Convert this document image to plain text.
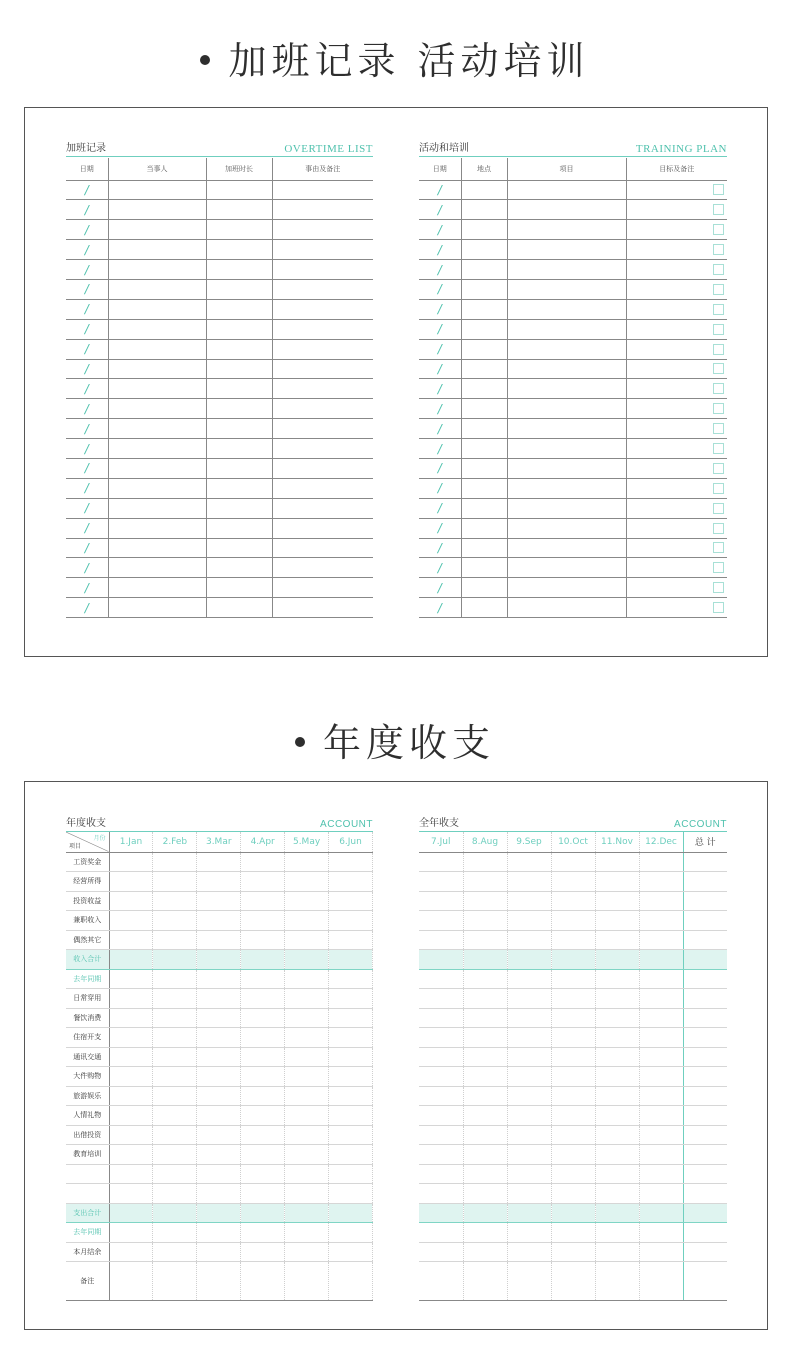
加班记录 活动培训
加班记录	OVERTIME LIST
日期	当事人	加班时长	事由及备注
/			
/			
/			
/			
/			
/			
/			
/			
/			
/			
/			
/			
/			
/			
/			
/			
/			
/			
/			
/			
/			
/			
活动和培训	TRAINING PLAN
日期	地点	项目	目标及备注
/			

/			

/			

/			

/			

/			

/			

/			

/			

/			

/			

/			

/			

/			

/			

/			

/			

/			

/			

/			

/			

/			
年度收支
年度收支	ACCOUNT
月份
项目	1.Jan	2.Feb	3.Mar	4.Apr	5.May	6.Jun
工资奖金						
经营所得						
投资收益						
兼职收入						
偶然其它						
收入合计						
去年同期						
日常穿用						
餐饮消费						
住宿开支						
通讯交通						
大件购物						
旅游娱乐						
人情礼物						
出借投资						
教育培训						

支出合计						
去年同期						
本月结余						
备注						
全年收支	ACCOUNT
7.Jul	8.Aug	9.Sep	10.Oct	11.Nov	12.Dec	总 计
